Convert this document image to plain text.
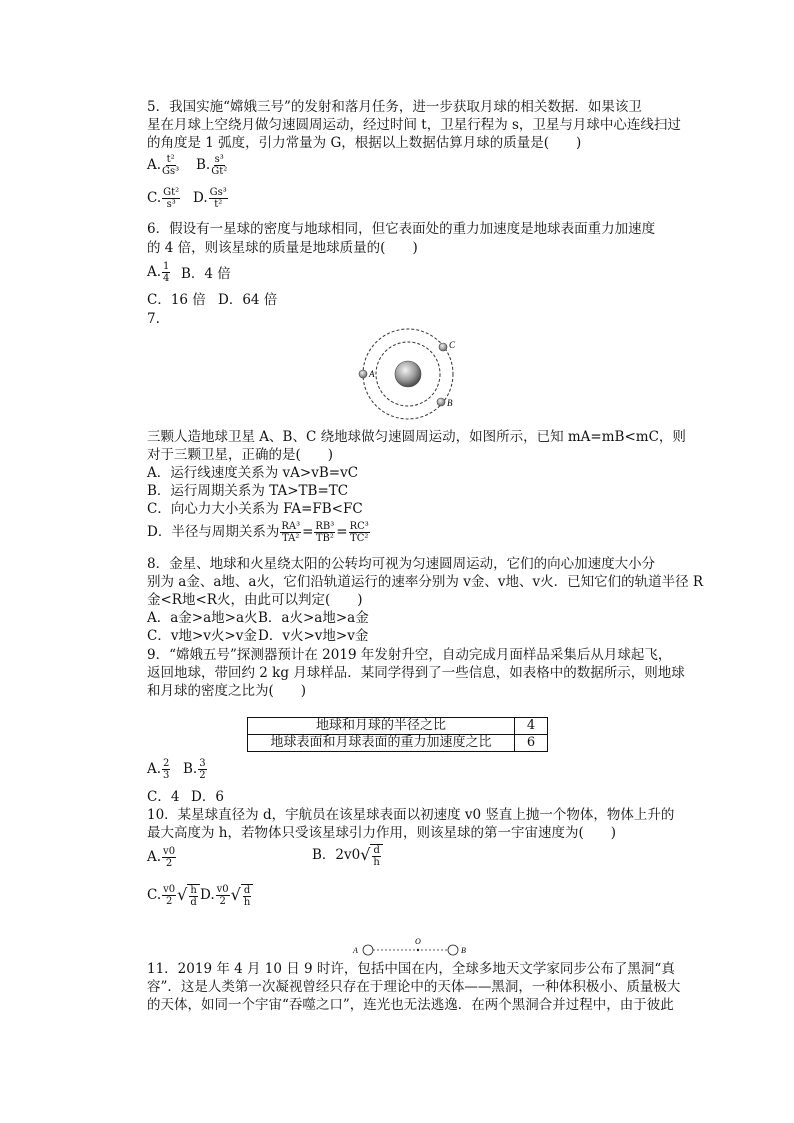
5．我国实施“嫦娥三号”的发射和落月任务，进一步获取月球的相关数据．如果该卫
星在月球上空绕月做匀速圆周运动，经过时间 t，卫星行程为 s，卫星与月球中心连线扫过
的角度是 1 弧度，引力常量为 G，根据以上数据估算月球的质量是(　　)
A. $\frac{\text{t²}}{\text{Gs³}} B$. $\frac{\text{s³}}{\text{Gt²}}$
C. $\frac{\text{Gt²}}{\text{s³}} D$. $\frac{\text{Gs³}}{\text{t²}}$
6．假设有一星球的密度与地球相同，但它表面处的重力加速度是地球表面重力加速度
的 4 倍，则该星球的质量是地球质量的(　　)
A. $\frac{1}{4}$ B．4 倍
C．16 倍 D．64 倍
7.
A
C
B
三颗人造地球卫星 A、B、C 绕地球做匀速圆周运动，如图所示，已知 mA=mB<mC，则
对于三颗卫星，正确的是(　　)
A．运行线速度关系为 vA>vB=vC
B．运行周期关系为 TA>TB=TC
C．向心力大小关系为 FA=FB<FC
D．半径与周期关系为 $\frac{\text{RA³}}{\text{TA²}} = \frac{\text{RB³}}{\text{TB²}} = \frac{\text{RC³}}{\text{TC²}}$
8．金星、地球和火星绕太阳的公转均可视为匀速圆周运动，它们的向心加速度大小分
别为 a金、a地、a火，它们沿轨道运行的速率分别为 v金、v地、v火．已知它们的轨道半径 R
金<R地<R火，由此可以判定(　　)
A．a金>a地>a火 B．a火>a地>a金
C．v地>v火>v金 D．v火>v地>v金
9．“嫦娥五号”探测器预计在 2019 年发射升空，自动完成月面样品采集后从月球起飞，
返回地球，带回约 2 kg 月球样品．某同学得到了一些信息，如表格中的数据所示，则地球
和月球的密度之比为(　　)
地球和月球的半径之比	4
地球表面和月球表面的重力加速度之比	6
A. $\frac{2}{3} B$. $\frac{3}{2}$
C．4 D．6
10．某星球直径为 d，宇航员在该星球表面以初速度 v0 竖直上抛一个物体，物体上升的
最大高度为 h，若物体只受该星球引力作用，则该星球的第一宇宙速度为(　　)
A. $\frac{v0}{2}$	B．2v0 √ $\frac{d}{h}$
C. $\frac{v0}{2}$ √ $\frac{h}{d} D$. $\frac{v0}{2}$ √ $\frac{d}{h}$
A
O
B
11．2019 年 4 月 10 日 9 时许，包括中国在内，全球多地天文学家同步公布了黑洞“真
容”．这是人类第一次凝视曾经只存在于理论中的天体——黑洞，一种体积极小、质量极大
的天体，如同一个宇宙“吞噬之口”，连光也无法逃逸．在两个黑洞合并过程中，由于彼此
